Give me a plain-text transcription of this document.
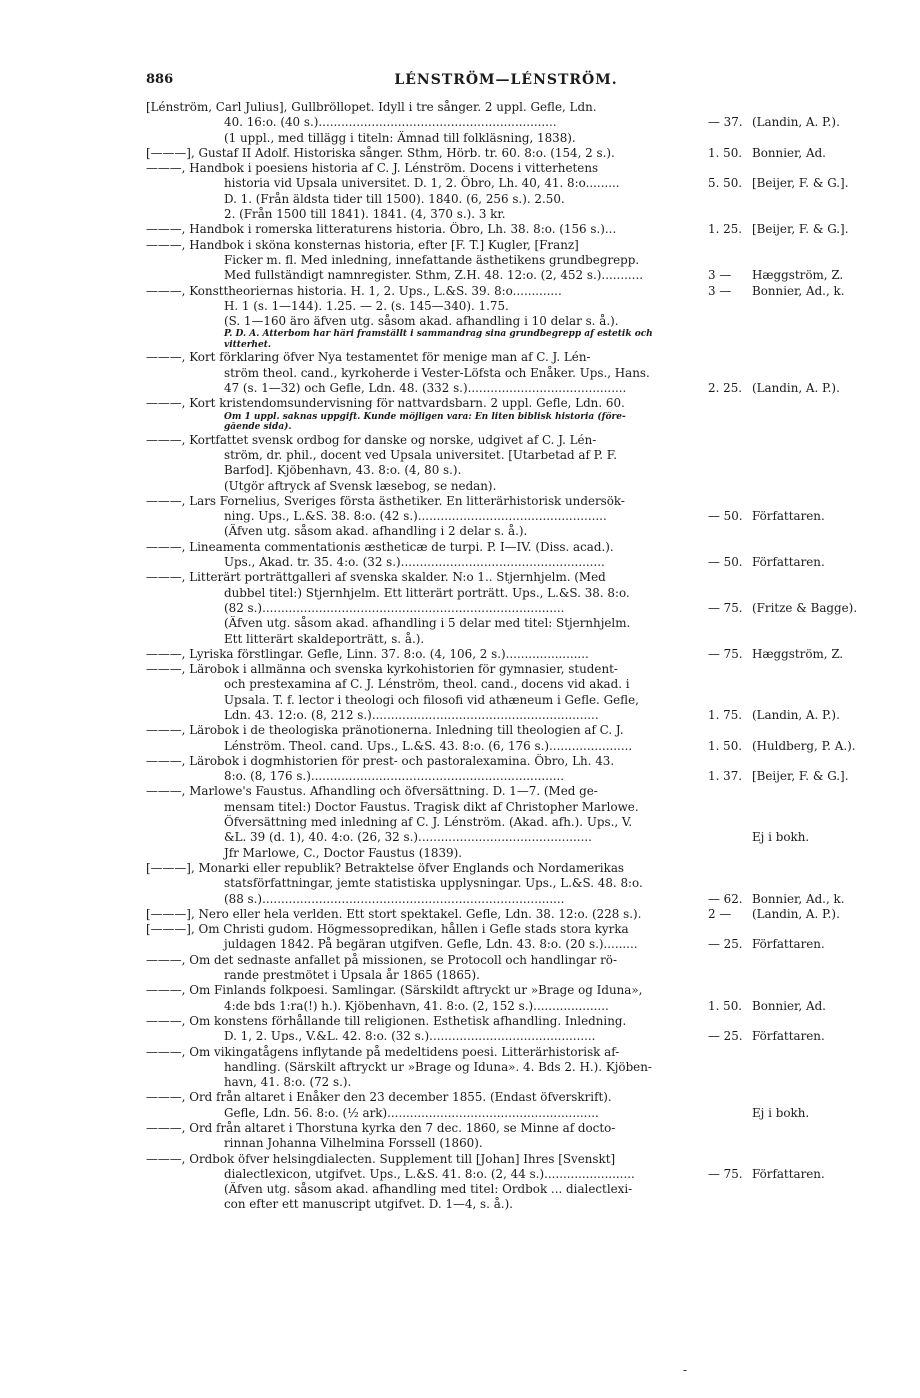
886	LÉNSTRÖM—LÉNSTRÖM.
[Lénström, Carl Julius], Gullbröllopet. Idyll i tre sånger. 2 uppl. Gefle, Ldn.
40. 16:o. (40 s.)...............................................................	— 37. (Landin, A. P.).
(1 uppl., med tillägg i titeln: Ämnad till folkläsning, 1838).
[———], Gustaf II Adolf. Historiska sånger. Sthm, Hörb. tr. 60. 8:o. (154, 2 s.).	1. 50. Bonnier, Ad.
———, Handbok i poesiens historia af C. J. Lénström. Docens i vitterhetens
historia vid Upsala universitet. D. 1, 2. Öbro, Lh. 40, 41. 8:o.........	5. 50. [Beijer, F. & G.].
D. 1. (Från äldsta tider till 1500). 1840. (6, 256 s.). 2.50.
2. (Från 1500 till 1841). 1841. (4, 370 s.). 3 kr.
———, Handbok i romerska litteraturens historia. Öbro, Lh. 38. 8:o. (156 s.)...	1. 25. [Beijer, F. & G.].
———, Handbok i sköna konsternas historia, efter [F. T.] Kugler, [Franz]
Ficker m. fl. Med inledning, innefattande ästhetikens grundbegrepp.
Med fullständigt namnregister. Sthm, Z.H. 48. 12:o. (2, 452 s.)...........	3 — Hæggström, Z.
———, Konsttheoriernas historia. H. 1, 2. Ups., L.&S. 39. 8:o.............	3 — Bonnier, Ad., k.
H. 1 (s. 1—144). 1.25. — 2. (s. 145—340). 1.75.
(S. 1—160 äro äfven utg. såsom akad. afhandling i 10 delar s. å.).
P. D. A. Atterbom har häri framställt i sammandrag sina grundbegrepp af estetik och
vitterhet.
———, Kort förklaring öfver Nya testamentet för menige man af C. J. Lén-
ström theol. cand., kyrkoherde i Vester-Löfsta och Enåker. Ups., Hans.
47 (s. 1—32) och Gefle, Ldn. 48. (332 s.)..........................................	2. 25. (Landin, A. P.).
———, Kort kristendomsundervisning för nattvardsbarn. 2 uppl. Gefle, Ldn. 60.
Om 1 uppl. saknas uppgift. Kunde möjligen vara: En liten biblisk historia (före-
gående sida).
———, Kortfattet svensk ordbog for danske og norske, udgivet af C. J. Lén-
ström, dr. phil., docent ved Upsala universitet. [Utarbetad af P. F.
Barfod]. Kjöbenhavn, 43. 8:o. (4, 80 s.).
(Utgör aftryck af Svensk læsebog, se nedan).
———, Lars Fornelius, Sveriges första ästhetiker. En litterärhistorisk undersök-
ning. Ups., L.&S. 38. 8:o. (42 s.)..................................................	— 50. Författaren.
(Äfven utg. såsom akad. afhandling i 2 delar s. å.).
———, Lineamenta commentationis æstheticæ de turpi. P. I—IV. (Diss. acad.).
Ups., Akad. tr. 35. 4:o. (32 s.)......................................................	— 50. Författaren.
———, Litterärt porträttgalleri af svenska skalder. N:o 1.. Stjernhjelm. (Med
dubbel titel:) Stjernhjelm. Ett litterärt porträtt. Ups., L.&S. 38. 8:o.
(82 s.)................................................................................	— 75. (Fritze & Bagge).
(Äfven utg. såsom akad. afhandling i 5 delar med titel: Stjernhjelm.
Ett litterärt skaldeporträtt, s. å.).
———, Lyriska förstlingar. Gefle, Linn. 37. 8:o. (4, 106, 2 s.)......................	— 75. Hæggström, Z.
———, Lärobok i allmänna och svenska kyrkohistorien för gymnasier, student-
och prestexamina af C. J. Lénström, theol. cand., docens vid akad. i
Upsala. T. f. lector i theologi och filosofi vid athæneum i Gefle. Gefle,
Ldn. 43. 12:o. (8, 212 s.)............................................................	1. 75. (Landin, A. P.).
———, Lärobok i de theologiska pränotionerna. Inledning till theologien af C. J.
Lénström. Theol. cand. Ups., L.&S. 43. 8:o. (6, 176 s.)......................	1. 50. (Huldberg, P. A.).
———, Lärobok i dogmhistorien för prest- och pastoralexamina. Öbro, Lh. 43.
8:o. (8, 176 s.)...................................................................	1. 37. [Beijer, F. & G.].
———, Marlowe's Faustus. Afhandling och öfversättning. D. 1—7. (Med ge-
mensam titel:) Doctor Faustus. Tragisk dikt af Christopher Marlowe.
Öfversättning med inledning af C. J. Lénström. (Akad. afh.). Ups., V.
&L. 39 (d. 1), 40. 4:o. (26, 32 s.)..............................................	Ej i bokh.
Jfr Marlowe, C., Doctor Faustus (1839).
[———], Monarki eller republik? Betraktelse öfver Englands och Nordamerikas
statsförfattningar, jemte statistiska upplysningar. Ups., L.&S. 48. 8:o.
(88 s.)................................................................................	— 62. Bonnier, Ad., k.
[———], Nero eller hela verlden. Ett stort spektakel. Gefle, Ldn. 38. 12:o. (228 s.).	2 — (Landin, A. P.).
[———], Om Christi gudom. Högmessopredikan, hållen i Gefle stads stora kyrka
juldagen 1842. På begäran utgifven. Gefle, Ldn. 43. 8:o. (20 s.).........	— 25. Författaren.
———, Om det sednaste anfallet på missionen, se Protocoll och handlingar rö-
rande prestmötet i Upsala år 1865 (1865).
———, Om Finlands folkpoesi. Samlingar. (Särskildt aftryckt ur »Brage og Iduna»,
4:de bds 1:ra(!) h.). Kjöbenhavn, 41. 8:o. (2, 152 s.)....................	1. 50. Bonnier, Ad.
———, Om konstens förhållande till religionen. Esthetisk afhandling. Inledning.
D. 1, 2. Ups., V.&L. 42. 8:o. (32 s.)............................................	— 25. Författaren.
———, Om vikingatågens inflytande på medeltidens poesi. Litterärhistorisk af-
handling. (Särskilt aftryckt ur »Brage og Iduna». 4. Bds 2. H.). Kjöben-
havn, 41. 8:o. (72 s.).
———, Ord från altaret i Enåker den 23 december 1855. (Endast öfverskrift).
Gefle, Ldn. 56. 8:o. (½ ark)........................................................	Ej i bokh.
———, Ord från altaret i Thorstuna kyrka den 7 dec. 1860, se Minne af docto-
rinnan Johanna Vilhelmina Forssell (1860).
———, Ordbok öfver helsingdialecten. Supplement till [Johan] Ihres [Svenskt]
dialectlexicon, utgifvet. Ups., L.&S. 41. 8:o. (2, 44 s.)........................	— 75. Författaren.
(Äfven utg. såsom akad. afhandling med titel: Ordbok ... dialectlexi-
con efter ett manuscript utgifvet. D. 1—4, s. å.).
-
